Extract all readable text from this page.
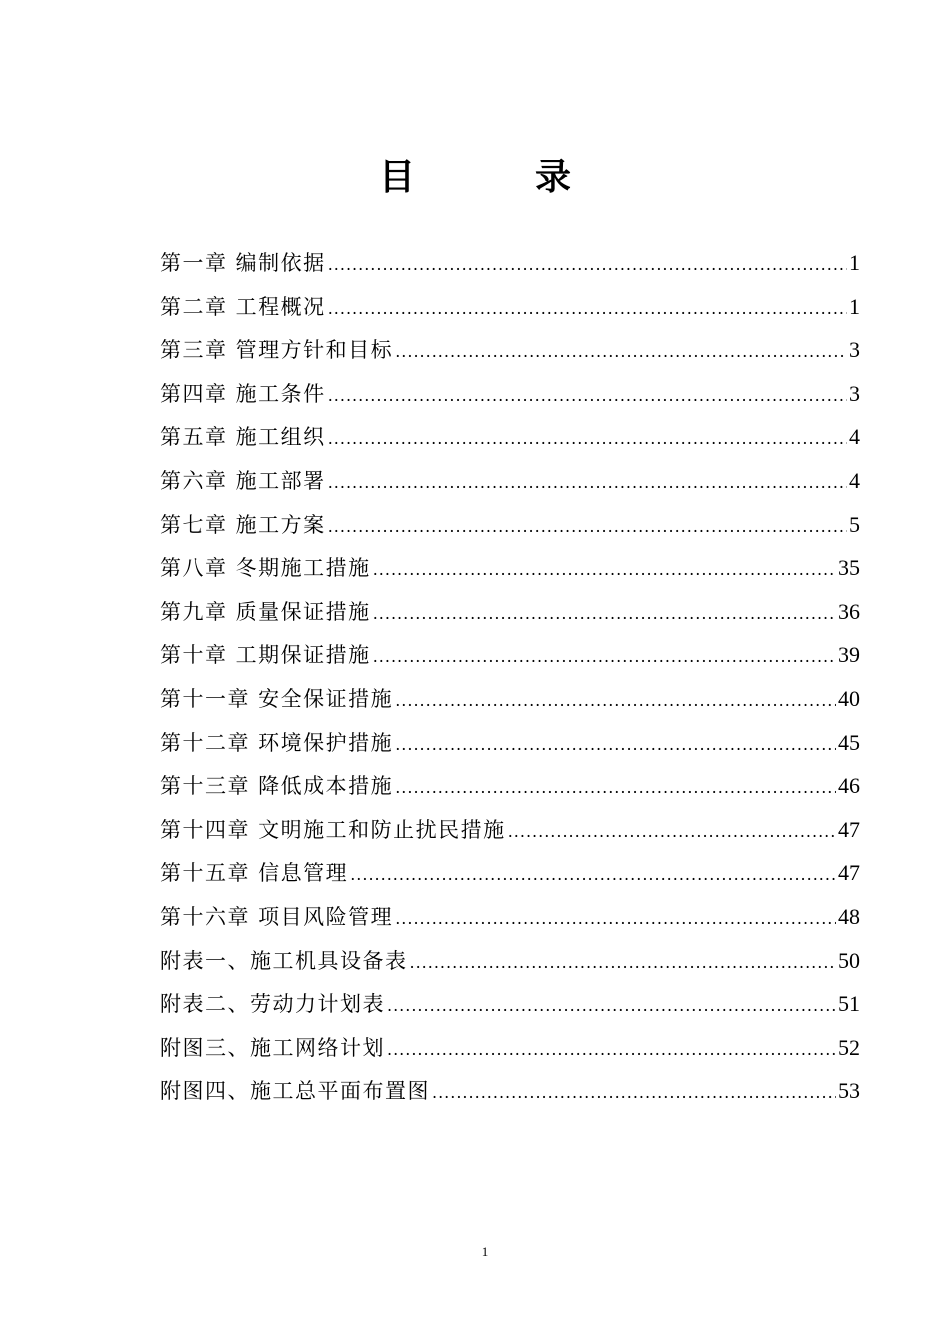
目　录
第一章 编制依据 .....	1
第二章 工程概况 .....	1
第三章 管理方针和目标 .....	3
第四章 施工条件 .....	3
第五章 施工组织 .....	4
第六章 施工部署 .....	4
第七章 施工方案 .....	5
第八章 冬期施工措施 .....	35
第九章 质量保证措施 .....	36
第十章 工期保证措施 .....	39
第十一章 安全保证措施 .....	40
第十二章 环境保护措施 .....	45
第十三章 降低成本措施 .....	46
第十四章 文明施工和防止扰民措施 .....	47
第十五章 信息管理 .....	47
第十六章 项目风险管理 .....	48
附表一、施工机具设备表 .....	50
附表二、劳动力计划表 .....	51
附图三、施工网络计划 .....	52
附图四、施工总平面布置图 .....	53
1
